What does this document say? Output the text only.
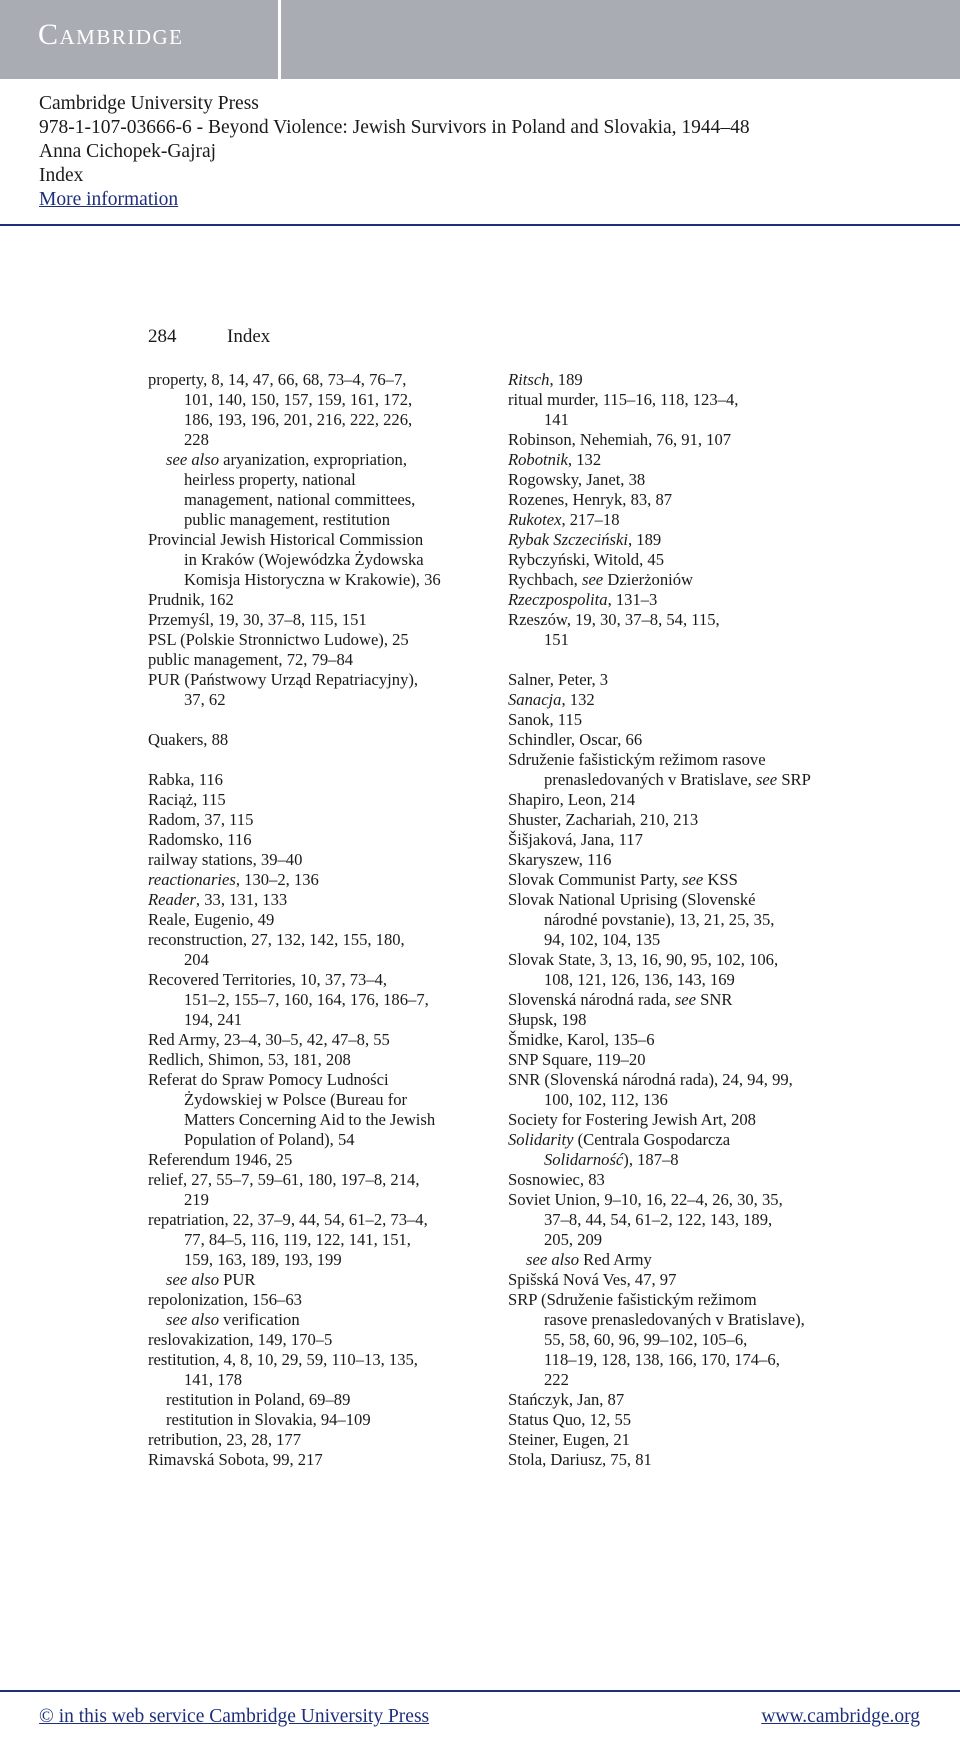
Cambridge
Cambridge University Press
978-1-107-03666-6 - Beyond Violence: Jewish Survivors in Poland and Slovakia, 1944–48
Anna Cichopek-Gajraj
Index
More information
284	Index
property, 8, 14, 47, 66, 68, 73–4, 76–7,
101, 140, 150, 157, 159, 161, 172,
186, 193, 196, 201, 216, 222, 226,
228
see also aryanization, expropriation,
heirless property, national
management, national committees,
public management, restitution
Provincial Jewish Historical Commission
in Kraków (Wojewódzka Żydowska
Komisja Historyczna w Krakowie), 36
Prudnik, 162
Przemyśl, 19, 30, 37–8, 115, 151
PSL (Polskie Stronnictwo Ludowe), 25
public management, 72, 79–84
PUR (Państwowy Urząd Repatriacyjny),
37, 62
Quakers, 88
Rabka, 116
Raciąż, 115
Radom, 37, 115
Radomsko, 116
railway stations, 39–40
reactionaries, 130–2, 136
Reader, 33, 131, 133
Reale, Eugenio, 49
reconstruction, 27, 132, 142, 155, 180,
204
Recovered Territories, 10, 37, 73–4,
151–2, 155–7, 160, 164, 176, 186–7,
194, 241
Red Army, 23–4, 30–5, 42, 47–8, 55
Redlich, Shimon, 53, 181, 208
Referat do Spraw Pomocy Ludności
Żydowskiej w Polsce (Bureau for
Matters Concerning Aid to the Jewish
Population of Poland), 54
Referendum 1946, 25
relief, 27, 55–7, 59–61, 180, 197–8, 214,
219
repatriation, 22, 37–9, 44, 54, 61–2, 73–4,
77, 84–5, 116, 119, 122, 141, 151,
159, 163, 189, 193, 199
see also PUR
repolonization, 156–63
see also verification
reslovakization, 149, 170–5
restitution, 4, 8, 10, 29, 59, 110–13, 135,
141, 178
restitution in Poland, 69–89
restitution in Slovakia, 94–109
retribution, 23, 28, 177
Rimavská Sobota, 99, 217
Ritsch, 189
ritual murder, 115–16, 118, 123–4,
141
Robinson, Nehemiah, 76, 91, 107
Robotnik, 132
Rogowsky, Janet, 38
Rozenes, Henryk, 83, 87
Rukotex, 217–18
Rybak Szczeciński, 189
Rybczyński, Witold, 45
Rychbach, see Dzierżoniów
Rzeczpospolita, 131–3
Rzeszów, 19, 30, 37–8, 54, 115,
151
Salner, Peter, 3
Sanacja, 132
Sanok, 115
Schindler, Oscar, 66
Sdruženie fašistickým režimom rasove
prenasledovaných v Bratislave, see SRP
Shapiro, Leon, 214
Shuster, Zachariah, 210, 213
Šišjaková, Jana, 117
Skaryszew, 116
Slovak Communist Party, see KSS
Slovak National Uprising (Slovenské
národné povstanie), 13, 21, 25, 35,
94, 102, 104, 135
Slovak State, 3, 13, 16, 90, 95, 102, 106,
108, 121, 126, 136, 143, 169
Slovenská národná rada, see SNR
Słupsk, 198
Šmidke, Karol, 135–6
SNP Square, 119–20
SNR (Slovenská národná rada), 24, 94, 99,
100, 102, 112, 136
Society for Fostering Jewish Art, 208
Solidarity (Centrala Gospodarcza
Solidarność), 187–8
Sosnowiec, 83
Soviet Union, 9–10, 16, 22–4, 26, 30, 35,
37–8, 44, 54, 61–2, 122, 143, 189,
205, 209
see also Red Army
Spišská Nová Ves, 47, 97
SRP (Sdruženie fašistickým režimom
rasove prenasledovaných v Bratislave),
55, 58, 60, 96, 99–102, 105–6,
118–19, 128, 138, 166, 170, 174–6,
222
Stańczyk, Jan, 87
Status Quo, 12, 55
Steiner, Eugen, 21
Stola, Dariusz, 75, 81
© in this web service Cambridge University Press	www.cambridge.org
